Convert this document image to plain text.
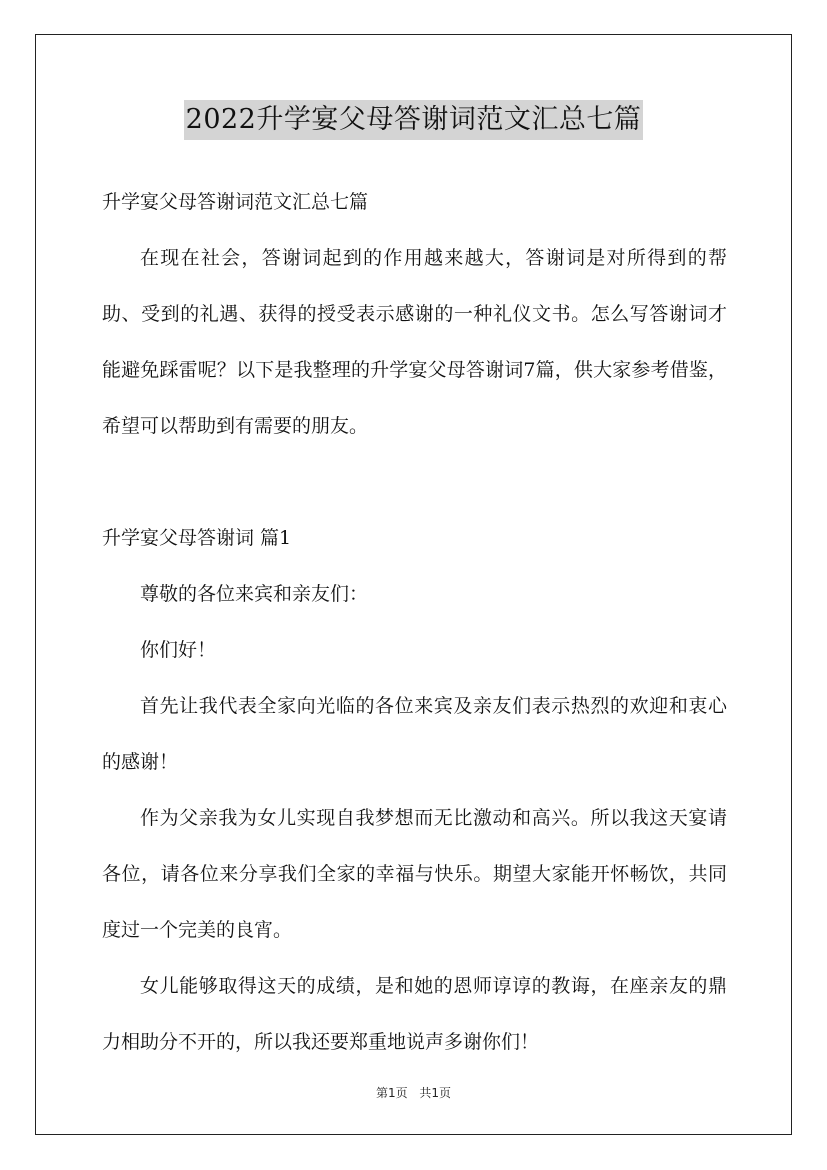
2022升学宴父母答谢词范文汇总七篇
升学宴父母答谢词范文汇总七篇
在现在社会，答谢词起到的作用越来越大，答谢词是对所得到的帮助、受到的礼遇、获得的授受表示感谢的一种礼仪文书。怎么写答谢词才能避免踩雷呢？以下是我整理的升学宴父母答谢词7篇，供大家参考借鉴，希望可以帮助到有需要的朋友。
升学宴父母答谢词 篇1
尊敬的各位来宾和亲友们：
你们好！
首先让我代表全家向光临的各位来宾及亲友们表示热烈的欢迎和衷心的感谢！
作为父亲我为女儿实现自我梦想而无比激动和高兴。所以我这天宴请各位，请各位来分享我们全家的幸福与快乐。期望大家能开怀畅饮，共同度过一个完美的良宵。
女儿能够取得这天的成绩，是和她的恩师谆谆的教诲，在座亲友的鼎力相助分不开的，所以我还要郑重地说声多谢你们！
第1页 共1页
